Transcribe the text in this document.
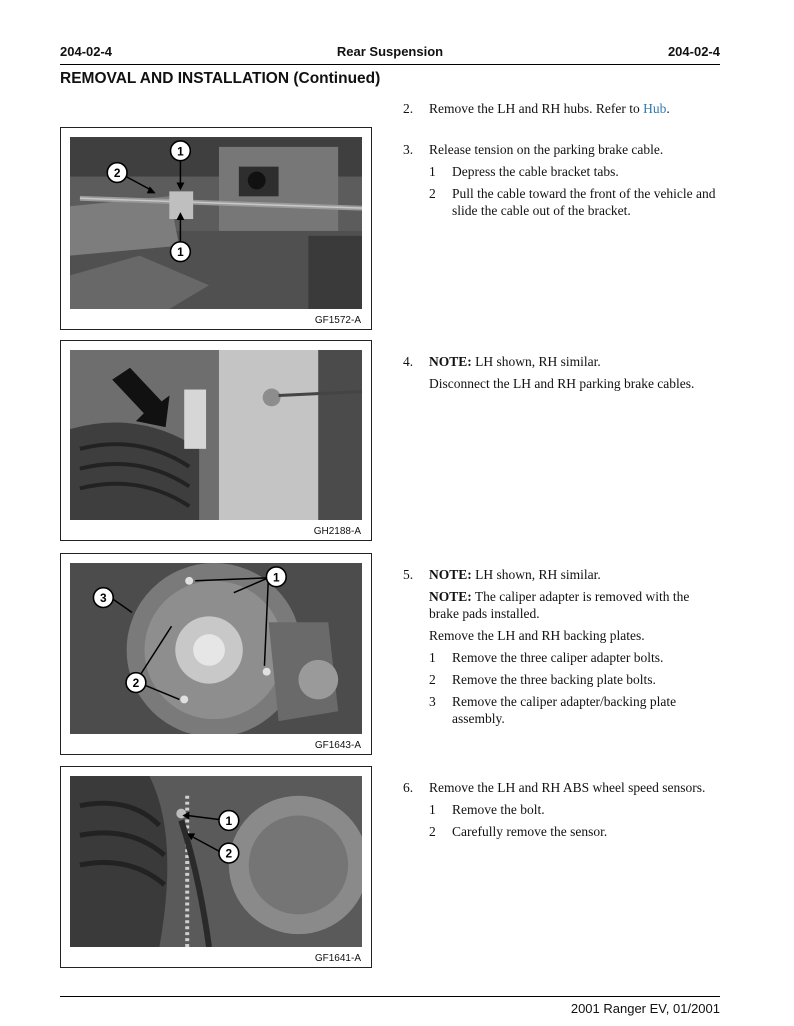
204-02-4	Rear Suspension	204-02-4
REMOVAL AND INSTALLATION (Continued)
1
2
1
GF1572-A
GH2188-A
1
3
2
GF1643-A
1
2
GF1641-A
2. Remove the LH and RH hubs. Refer to Hub.

3. Release tension on the parking brake cable.

1 Depress the cable bracket tabs.
2 Pull the cable toward the front of the vehicle and slide the cable out of the bracket.
4. NOTE: LH shown, RH similar.

Disconnect the LH and RH parking brake cables.

5. NOTE: LH shown, RH similar.

NOTE: The caliper adapter is removed with the brake pads installed.

Remove the LH and RH backing plates.

1 Remove the three caliper adapter bolts.
2 Remove the three backing plate bolts.
3 Remove the caliper adapter/backing plate assembly.
6. Remove the LH and RH ABS wheel speed sensors.

1 Remove the bolt.
2 Carefully remove the sensor.
2001 Ranger EV, 01/2001
